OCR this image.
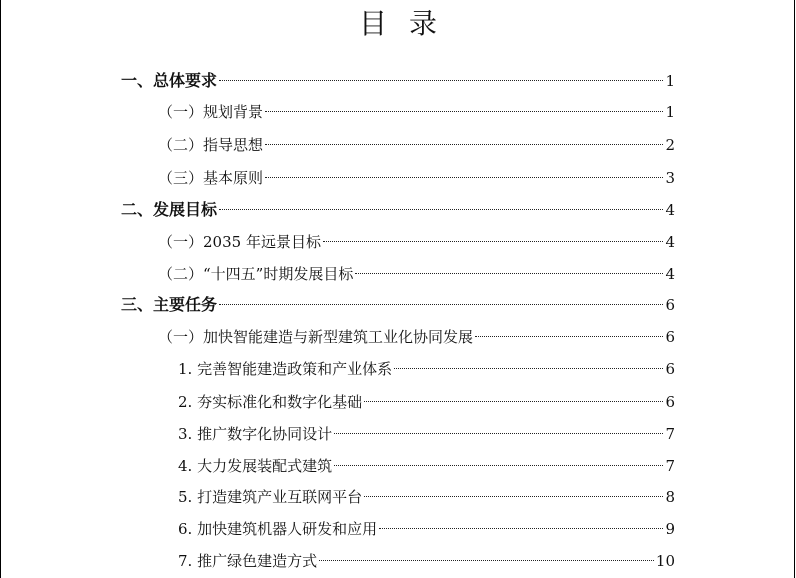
目录
一、总体要求	1
（一）规划背景	1
（二）指导思想	2
（三）基本原则	3
二、发展目标	4
（一）2035 年远景目标	4
（二）“十四五”时期发展目标	4
三、主要任务	6
（一）加快智能建造与新型建筑工业化协同发展	6
1. 完善智能建造政策和产业体系	6
2. 夯实标准化和数字化基础	6
3. 推广数字化协同设计	7
4. 大力发展装配式建筑	7
5. 打造建筑产业互联网平台	8
6. 加快建筑机器人研发和应用	9
7. 推广绿色建造方式	10
